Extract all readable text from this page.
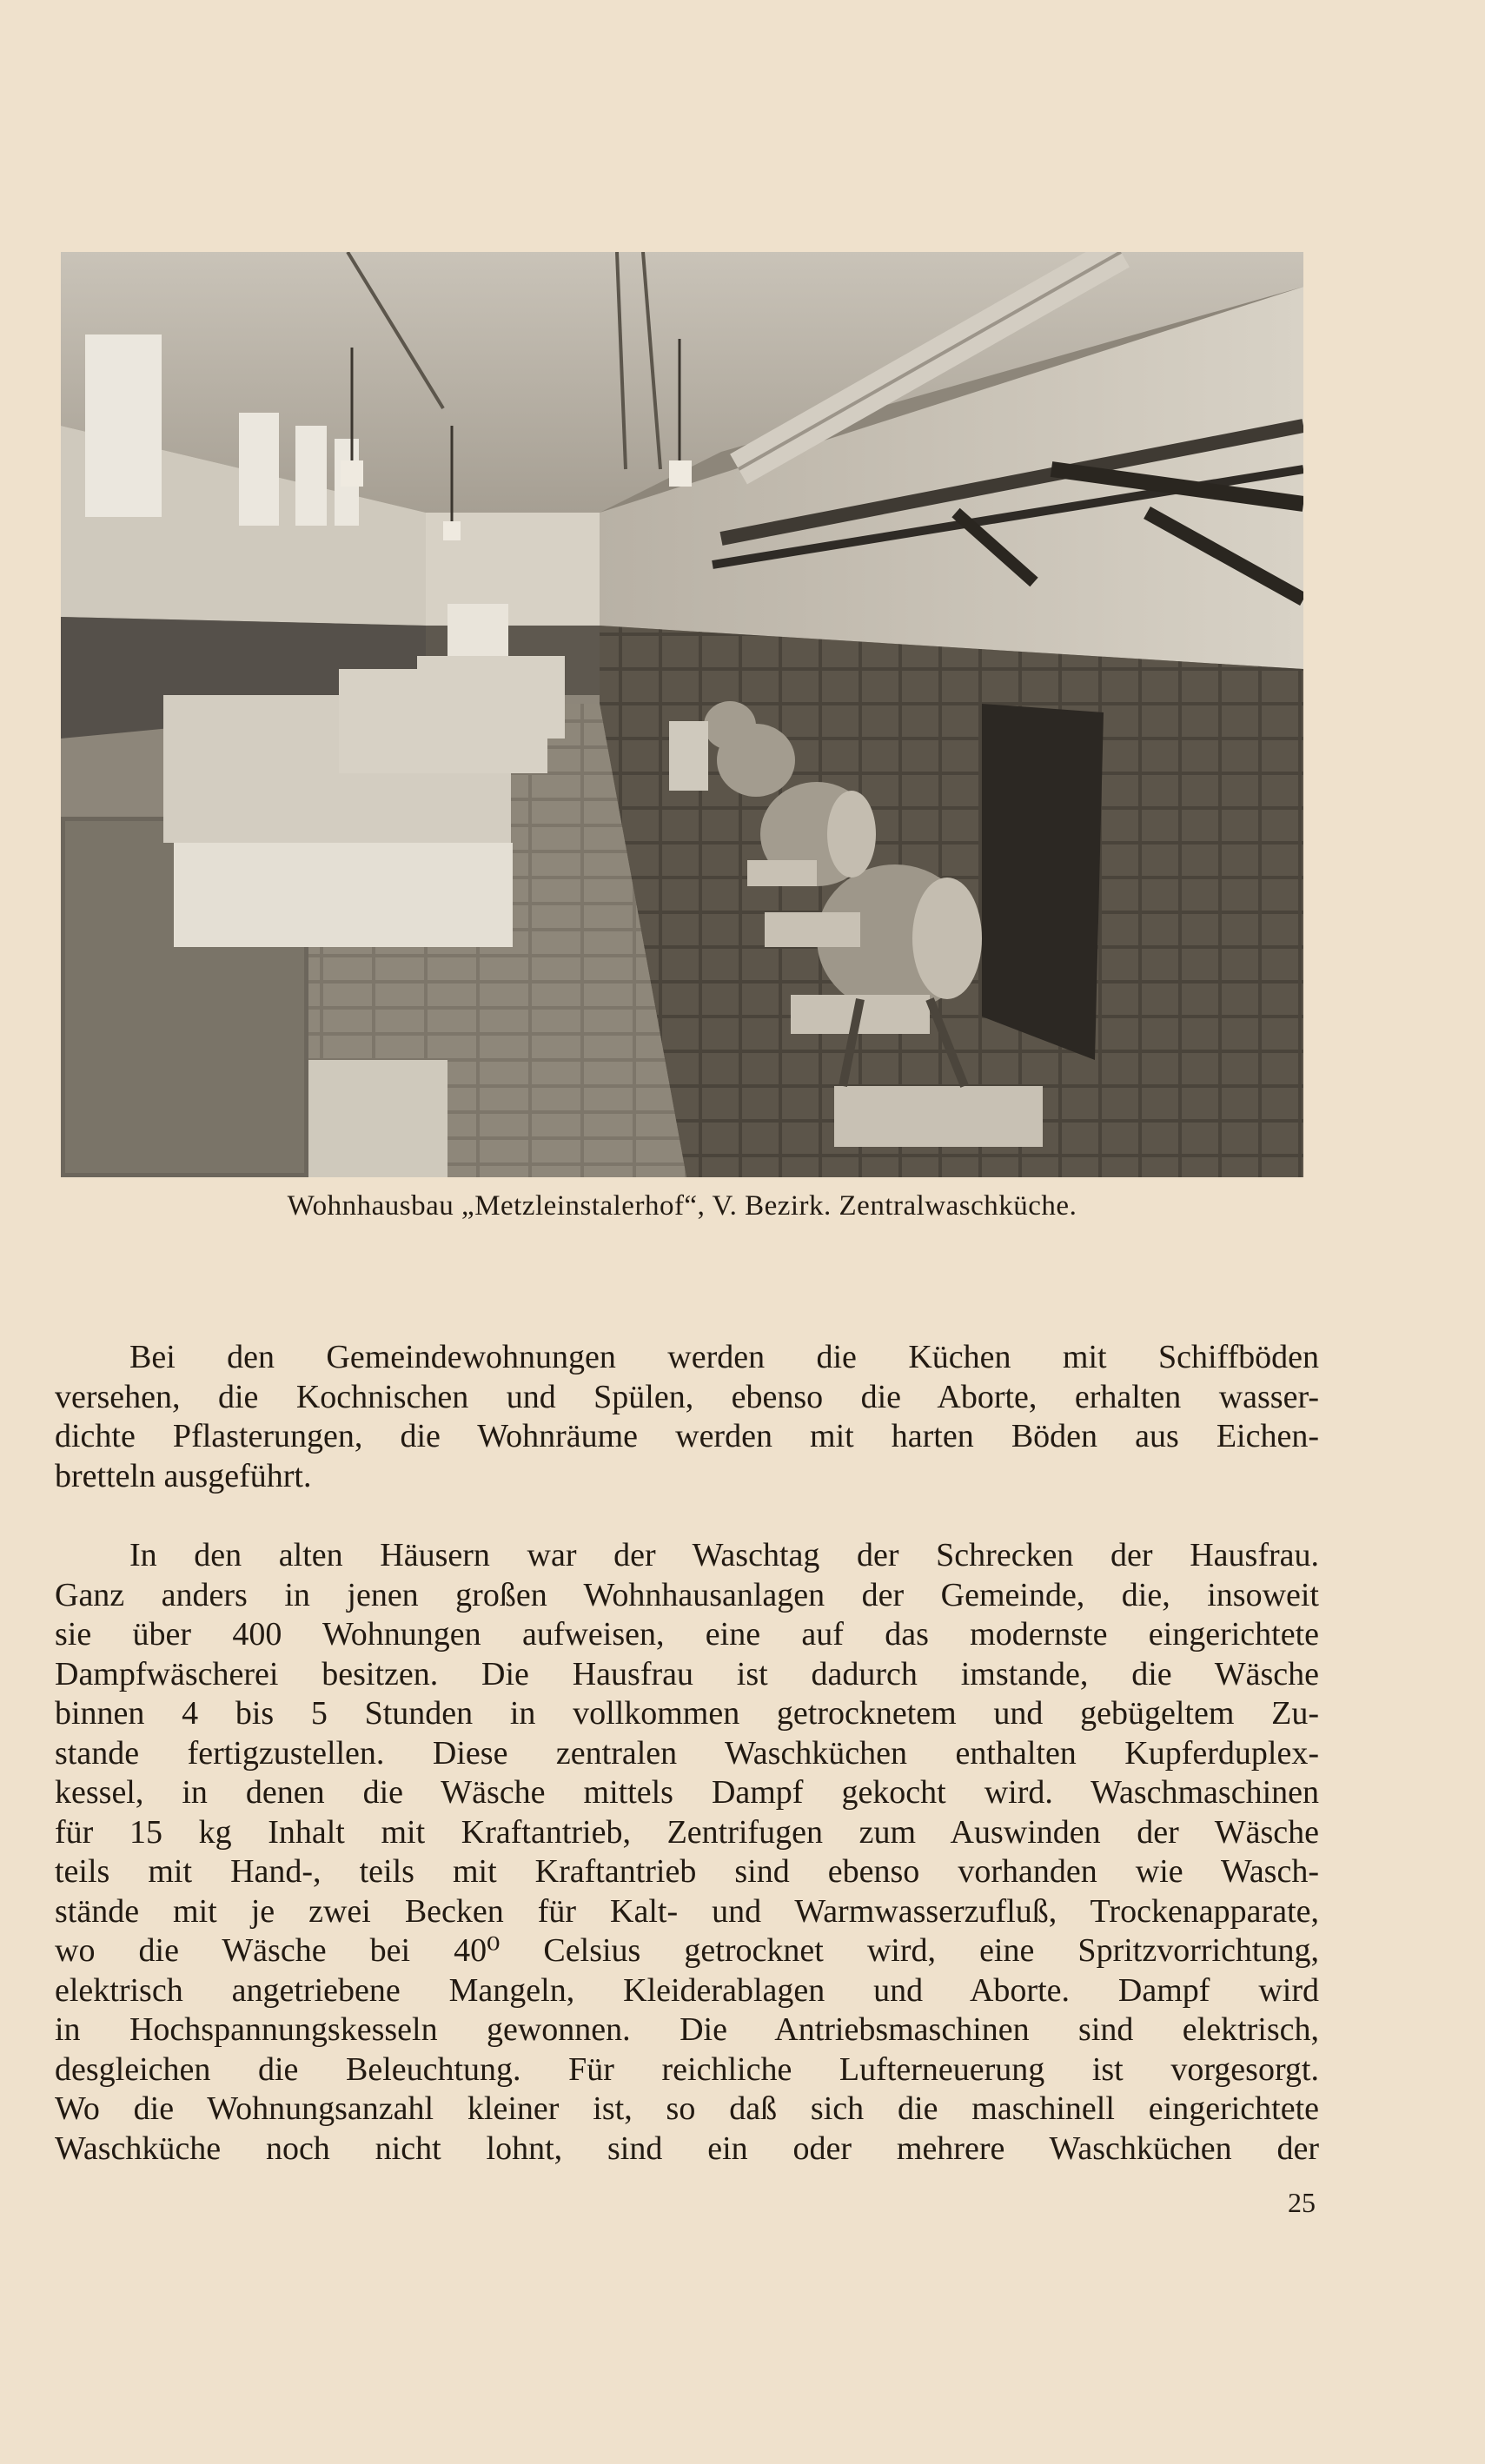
Wohnhausbau „Metzleinstalerhof“, V. Bezirk. Zentralwaschküche.

Bei den Gemeindewohnungen werden die Küchen mit Schiffböden
versehen, die Kochnischen und Spülen, ebenso die Aborte, erhalten wasser-
dichte Pflasterungen, die Wohnräume werden mit harten Böden aus Eichen-
bretteln ausgeführt.

In den alten Häusern war der Waschtag der Schrecken der Hausfrau.
Ganz anders in jenen großen Wohnhausanlagen der Gemeinde, die, insoweit
sie über 400 Wohnungen aufweisen, eine auf das modernste eingerichtete
Dampfwäscherei besitzen. Die Hausfrau ist dadurch imstande, die Wäsche
binnen 4 bis 5 Stunden in vollkommen getrocknetem und gebügeltem Zu-
stande fertigzustellen. Diese zentralen Waschküchen enthalten Kupferduplex-
kessel, in denen die Wäsche mittels Dampf gekocht wird. Waschmaschinen
für 15 kg Inhalt mit Kraftantrieb, Zentrifugen zum Auswinden der Wäsche
teils mit Hand-, teils mit Kraftantrieb sind ebenso vorhanden wie Wasch-
stände mit je zwei Becken für Kalt- und Warmwasserzufluß, Trockenapparate,
wo die Wäsche bei 40⁰ Celsius getrocknet wird, eine Spritzvorrichtung,
elektrisch angetriebene Mangeln, Kleiderablagen und Aborte. Dampf wird
in Hochspannungskesseln gewonnen. Die Antriebsmaschinen sind elektrisch,
desgleichen die Beleuchtung. Für reichliche Lufterneuerung ist vorgesorgt.
Wo die Wohnungsanzahl kleiner ist, so daß sich die maschinell eingerichtete
Waschküche noch nicht lohnt, sind ein oder mehrere Waschküchen der

25
